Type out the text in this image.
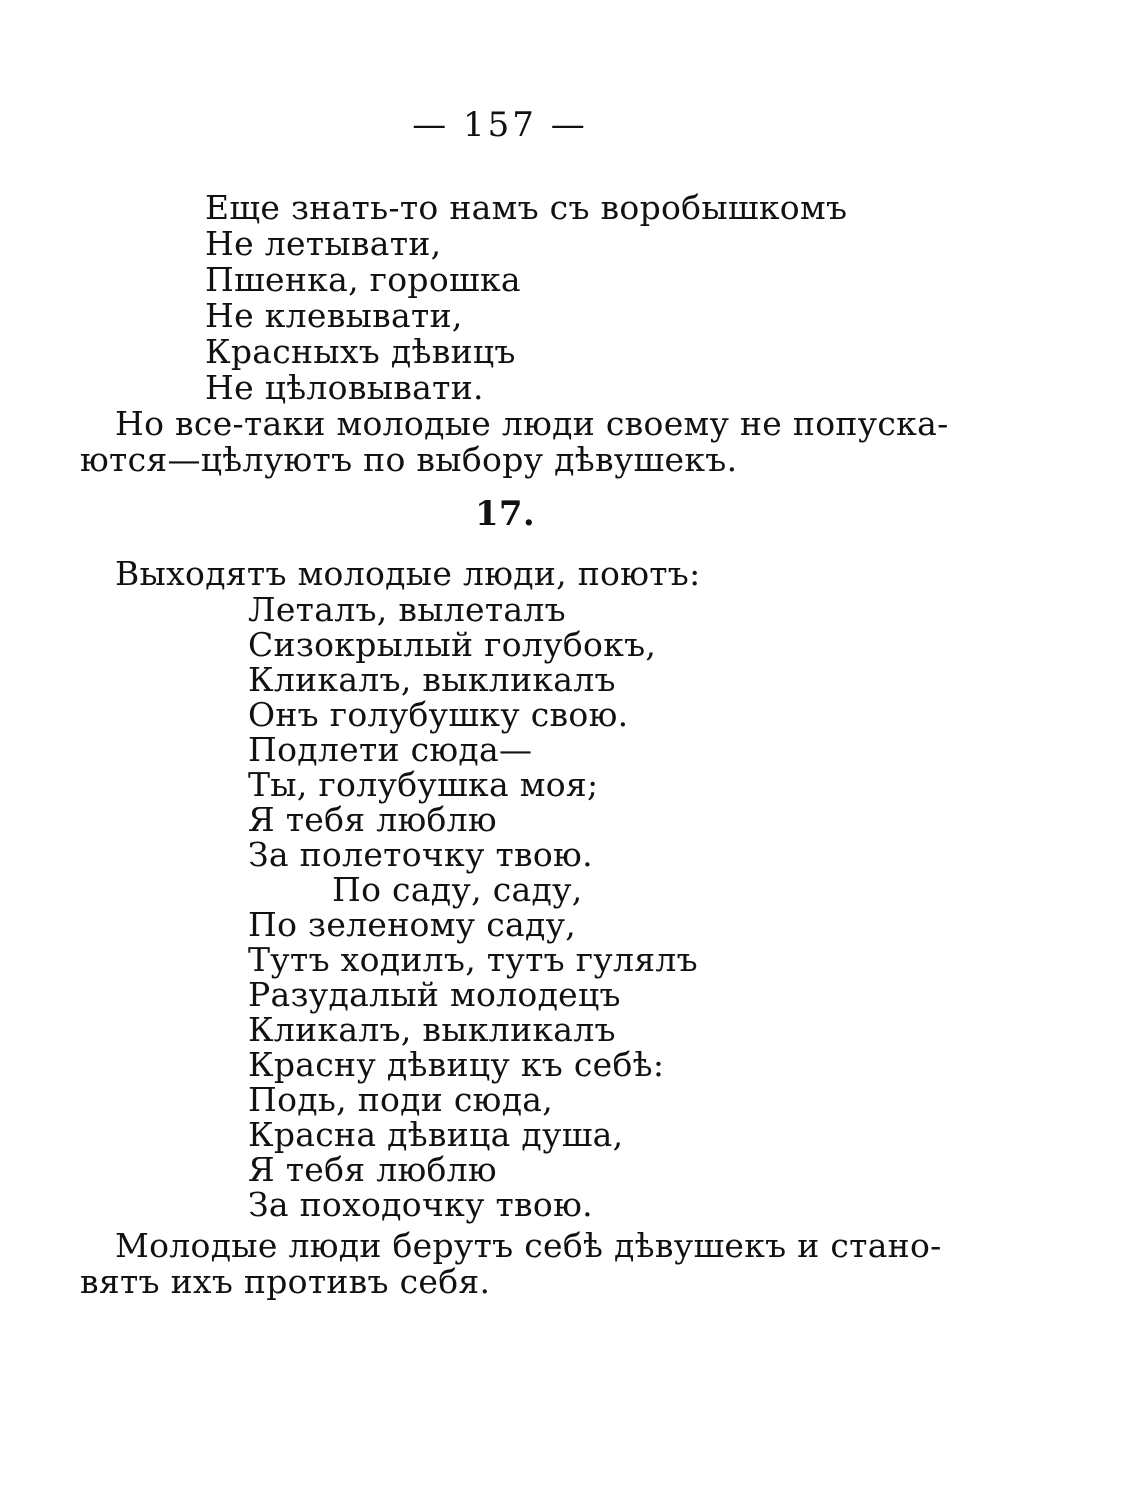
— 157 —
Еще знать-то намъ съ воробышкомъ
Не летывати,
Пшенка, горошка
Не клевывати,
Красныхъ дѣвицъ
Не цѣловывати.
Но все-таки молодые люди своему не попуска-
ются—цѣлуютъ по выбору дѣвушекъ.
17.
Выходятъ молодые люди, поютъ:
Леталъ, вылеталъ
Сизокрылый голубокъ,
Кликалъ, выкликалъ
Онъ голубушку свою.
Подлети сюда—
Ты, голубушка моя;
Я тебя люблю
За полеточку твою.
По саду, саду,
По зеленому саду,
Тутъ ходилъ, тутъ гулялъ
Разудалый молодецъ
Кликалъ, выкликалъ
Красну дѣвицу къ себѣ:
Подь, поди сюда,
Красна дѣвица душа,
Я тебя люблю
За походочку твою.
Молодые люди берутъ себѣ дѣвушекъ и стано-
вятъ ихъ противъ себя.
